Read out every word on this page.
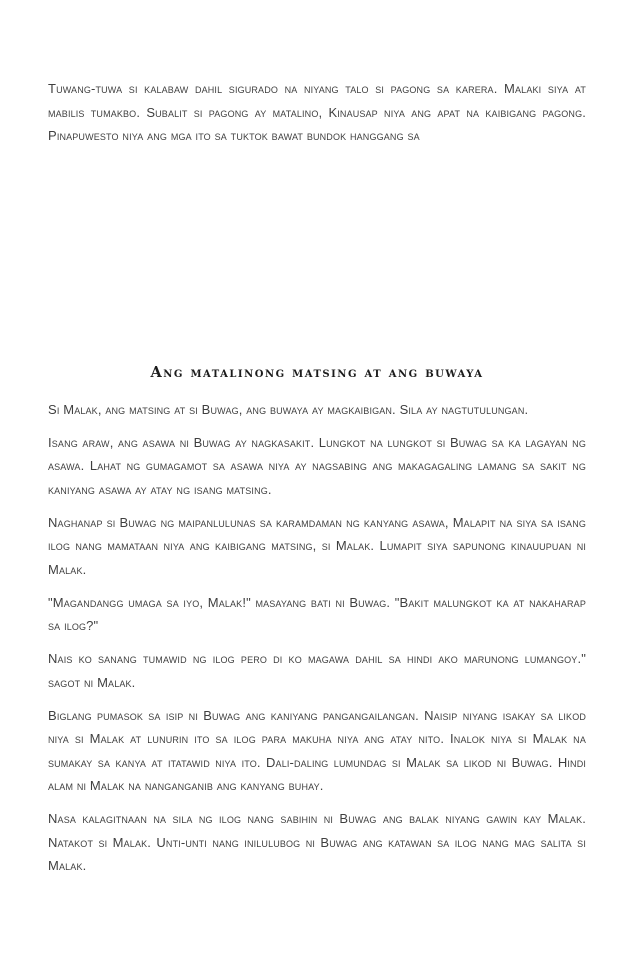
Tuwang-tuwa si kalabaw dahil sigurado na niyang talo si pagong sa karera. Malaki siya at mabilis tumakbo. Subalit si pagong ay matalino, Kinausap niya ang apat na kaibigang pagong. Pinapuwesto niya ang mga ito sa tuktok bawat bundok hanggang sa

Ang matalinong matsing at ang buwaya

Si Malak, ang matsing at si Buwag, ang buwaya ay magkaibigan. Sila ay nagtutulungan.

Isang araw, ang asawa ni Buwag ay nagkasakit. Lungkot na lungkot si Buwag sa ka lagayan ng asawa. Lahat ng gumagamot sa asawa niya ay nagsabing ang makagagaling lamang sa sakit ng kaniyang asawa ay atay ng isang matsing.

Naghanap si Buwag ng maipanlulunas sa karamdaman ng kanyang asawa, Malapit na siya sa isang ilog nang mamataan niya ang kaibigang matsing, si Malak. Lumapit siya sapunong kinauupuan ni Malak.

"Magandangg umaga sa iyo, Malak!" masayang bati ni Buwag. "Bakit malungkot ka at nakaharap sa ilog?"

Nais ko sanang tumawid ng ilog pero di ko magawa dahil sa hindi ako marunong lumangoy." sagot ni Malak.

Biglang pumasok sa isip ni Buwag ang kaniyang pangangailangan. Naisip niyang isakay sa likod niya si Malak at lunurin ito sa ilog para makuha niya ang atay nito. Inalok niya si Malak na sumakay sa kanya at itatawid niya ito. Dali-daling lumundag si Malak sa likod ni Buwag. Hindi alam ni Malak na nanganganib ang kanyang buhay.

Nasa kalagitnaan na sila ng ilog nang sabihin ni Buwag ang balak niyang gawin kay Malak. Natakot si Malak. Unti-unti nang inilulubog ni Buwag ang katawan sa ilog nang mag salita si Malak.
